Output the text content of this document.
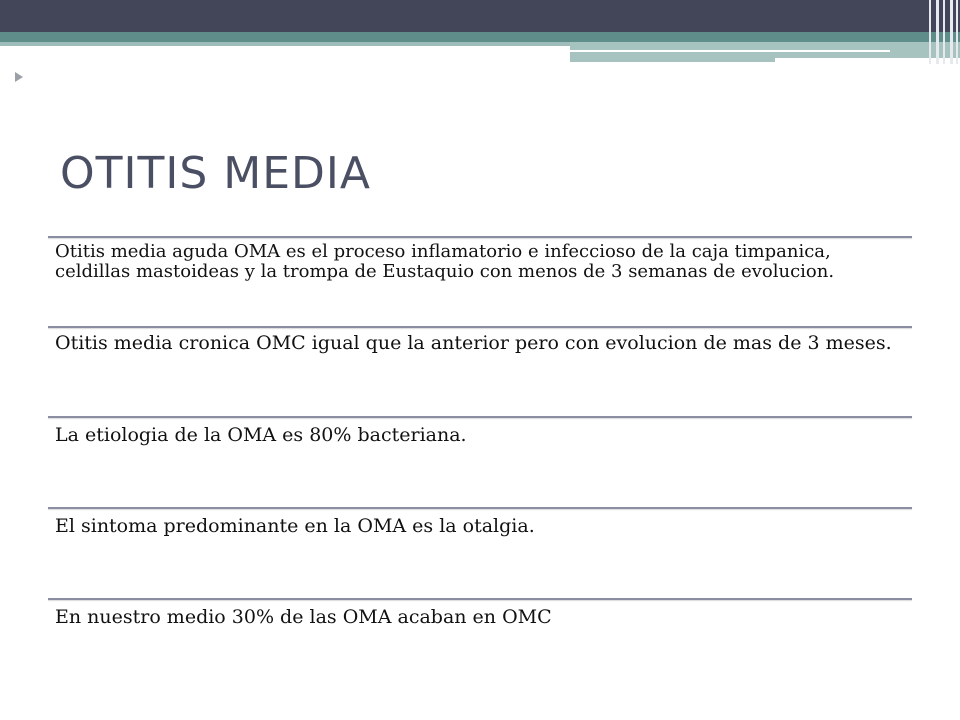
OTITIS MEDIA

Otitis media aguda OMA es el proceso inflamatorio e infeccioso de la caja timpanica, celdillas mastoideas y la trompa de Eustaquio con menos de 3 semanas de evolucion.

Otitis media cronica OMC igual que la anterior pero con evolucion de mas de 3 meses.

La etiologia de la OMA es 80% bacteriana.

El sintoma predominante en la OMA es la otalgia.

En nuestro medio 30% de las OMA acaban en OMC
